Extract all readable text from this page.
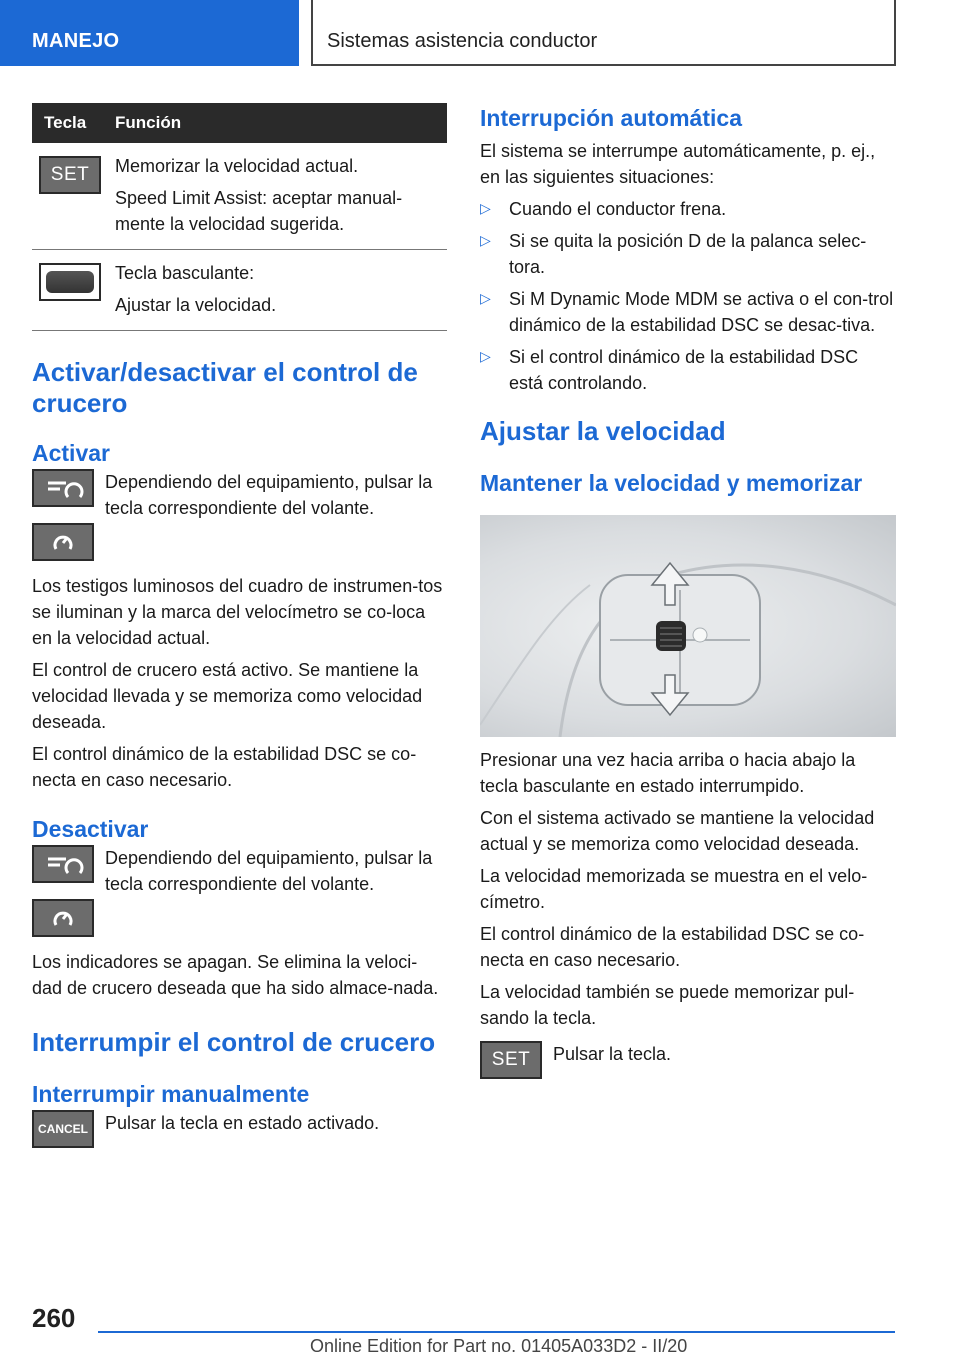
MANEJO	Sistemas asistencia conductor
Tecla	Función

SET	Memorizar la velocidad actual.

Speed Limit Assist: aceptar manual-mente la velocidad sugerida.

	Tecla basculante:

Ajustar la velocidad.

Activar/desactivar el control de crucero
Activar
Dependiendo del equipamiento, pulsar la tecla correspondiente del volante.

Los testigos luminosos del cuadro de instrumen-tos se iluminan y la marca del velocímetro se co-loca en la velocidad actual.

El control de crucero está activo. Se mantiene la velocidad llevada y se memoriza como velocidad deseada.

El control dinámico de la estabilidad DSC se co-necta en caso necesario.

Desactivar
Dependiendo del equipamiento, pulsar la tecla correspondiente del volante.

Los indicadores se apagan. Se elimina la veloci-dad de crucero deseada que ha sido almace-nada.

Interrumpir el control de crucero
Interrumpir manualmente
CANCEL Pulsar la tecla en estado activado.
Interrupción automática

El sistema se interrumpe automáticamente, p. ej., en las siguientes situaciones:

▷ Cuando el conductor frena.
▷ Si se quita la posición D de la palanca selec-tora.
▷ Si M Dynamic Mode MDM se activa o el con-trol dinámico de la estabilidad DSC se desac-tiva.
▷ Si el control dinámico de la estabilidad DSC está controlando.
Ajustar la velocidad
Mantener la velocidad y memorizar

Presionar una vez hacia arriba o hacia abajo la tecla basculante en estado interrumpido.

Con el sistema activado se mantiene la velocidad actual y se memoriza como velocidad deseada.

La velocidad memorizada se muestra en el velo-címetro.

El control dinámico de la estabilidad DSC se co-necta en caso necesario.

La velocidad también se puede memorizar pul-sando la tecla.

SET	Pulsar la tecla.
260
Online Edition for Part no. 01405A033D2 - II/20
